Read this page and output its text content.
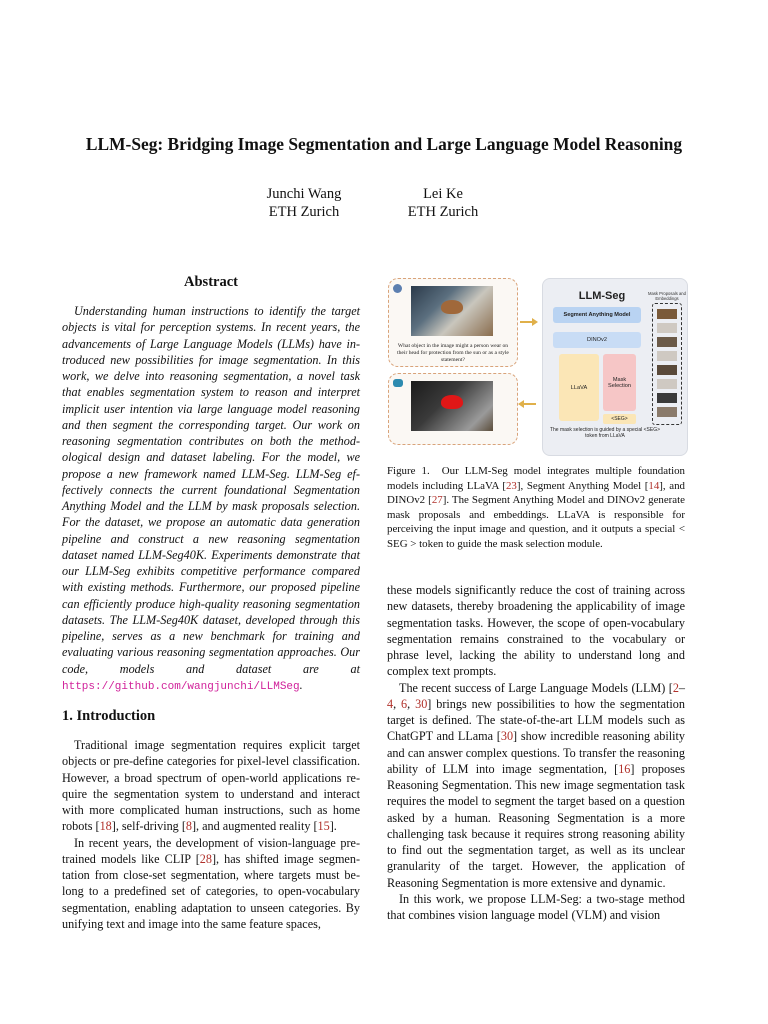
LLM-Seg: Bridging Image Segmentation and Large Language Model Reasoning
Junchi Wang
ETH Zurich
Lei Ke
ETH Zurich
Abstract
Understanding human instructions to identify the target objects is vital for perception systems. In recent years, the advancements of Large Language Models (LLMs) have introduced new possibilities for image segmentation. In this work, we delve into reasoning segmentation, a novel task that enables segmentation system to reason and interpret implicit user intention via large language model reasoning and then segment the corresponding target. Our work on reasoning segmentation contributes on both the methodological design and dataset labeling. For the model, we propose a new framework named LLM-Seg. LLM-Seg effectively connects the current foundational Segmentation Anything Model and the LLM by mask proposals selection. For the dataset, we propose an automatic data generation pipeline and construct a new reasoning segmentation dataset named LLM-Seg40K. Experiments demonstrate that our LLM-Seg exhibits competitive performance compared with existing methods. Furthermore, our proposed pipeline can efficiently produce high-quality reasoning segmentation datasets. The LLM-Seg40K dataset, developed through this pipeline, serves as a new benchmark for training and evaluating various reasoning segmentation approaches. Our code, models and dataset are at https://github.com/wangjunchi/LLMSeg.
1. Introduction
Traditional image segmentation requires explicit target objects or pre-define categories for pixel-level classification. However, a broad spectrum of open-world applications require the segmentation system to understand and interact with more complicated human instructions, such as home robots [18], self-driving [8], and augmented reality [15].
In recent years, the development of vision-language pretrained models like CLIP [28], has shifted image segmentation from close-set segmentation, where targets must belong to a predefined set of categories, to open-vocabulary segmentation, enabling adaptation to unseen categories. By unifying text and image into the same feature spaces,
What object in the image might a person wear on their head for protection from the sun or as a style statement?
LLM-Seg
Segment Anything Model
DINOv2
LLaVA
Mask Selection
<SEG>
The mask selection is guided by a special <SEG> token from LLaVA
Mask Proposals and Embeddings
Figure 1.  Our LLM-Seg model integrates multiple foundation models including LLaVA [23], Segment Anything Model [14], and DINOv2 [27]. The Segment Anything Model and DINOv2 generate mask proposals and embeddings. LLaVA is responsible for perceiving the input image and question, and it outputs a special < SEG > token to guide the mask selection module.
these models significantly reduce the cost of training across new datasets, thereby broadening the applicability of image segmentation tasks. However, the scope of open-vocabulary segmentation remains constrained to the vocabulary or phrase level, lacking the ability to understand long and complex text prompts.
The recent success of Large Language Models (LLM) [2–4, 6, 30] brings new possibilities to how the segmentation target is defined. The state-of-the-art LLM models such as ChatGPT and LLama [30] show incredible reasoning ability and can answer complex questions. To transfer the reasoning ability of LLM into image segmentation, [16] proposes Reasoning Segmentation. This new image segmentation task requires the model to segment the target based on a question asked by a human. Reasoning Segmentation is a more challenging task because it requires strong reasoning ability to find out the segmentation target, as well as its unclear granularity of the target. However, the application of Reasoning Segmentation is more extensive and dynamic.
In this work, we propose LLM-Seg: a two-stage method that combines vision language model (VLM) and vision
